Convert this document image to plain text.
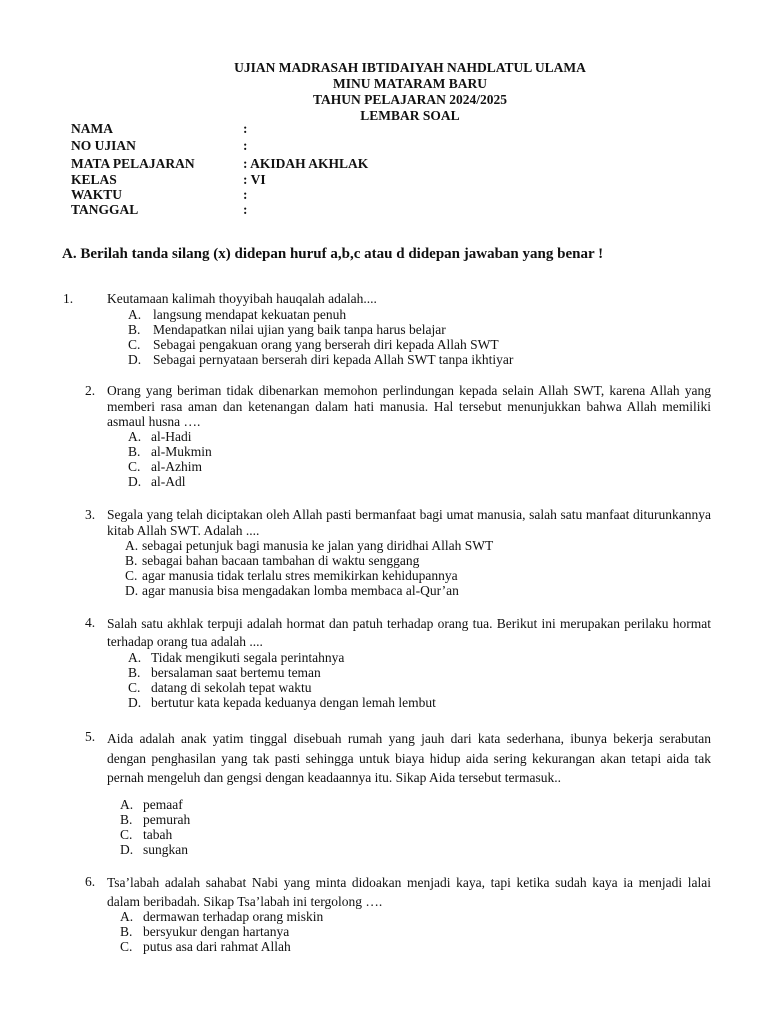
UJIAN MADRASAH IBTIDAIYAH NAHDLATUL ULAMA
MINU MATARAM BARU
TAHUN PELAJARAN 2024/2025
LEMBAR SOAL
NAMA	:
NO UJIAN	:
MATA PELAJARAN	: AKIDAH AKHLAK
KELAS	: VI
WAKTU	:
TANGGAL	:
A. Berilah tanda silang (x) didepan huruf a,b,c atau d didepan jawaban yang benar !
1.	Keutamaan kalimah thoyyibah hauqalah adalah....
A. langsung mendapat kekuatan penuh
B. Mendapatkan nilai ujian yang baik tanpa harus belajar
C. Sebagai pengakuan orang yang berserah diri kepada Allah SWT
D. Sebagai pernyataan berserah diri kepada Allah SWT tanpa ikhtiyar
2. Orang yang beriman tidak dibenarkan memohon perlindungan kepada selain Allah SWT, karena Allah yang memberi rasa aman dan ketenangan dalam hati manusia. Hal tersebut menunjukkan bahwa Allah memiliki asmaul husna ….
A. al-Hadi
B. al-Mukmin
C. al-Azhim
D. al-Adl
3. Segala yang telah diciptakan oleh Allah pasti bermanfaat bagi umat manusia, salah satu manfaat diturunkannya kitab Allah SWT. Adalah ....
A. sebagai petunjuk bagi manusia ke jalan yang diridhai Allah SWT
B. sebagai bahan bacaan tambahan di waktu senggang
C. agar manusia tidak terlalu stres memikirkan kehidupannya
D. agar manusia bisa mengadakan lomba membaca al-Qur’an
4. Salah satu akhlak terpuji adalah hormat dan patuh terhadap orang tua. Berikut ini merupakan perilaku hormat terhadap orang tua adalah ....
A. Tidak mengikuti segala perintahnya
B. bersalaman saat bertemu teman
C. datang di sekolah tepat waktu
D. bertutur kata kepada keduanya dengan lemah lembut
5. Aida adalah anak yatim tinggal disebuah rumah yang jauh dari kata sederhana, ibunya bekerja serabutan dengan penghasilan yang tak pasti sehingga untuk biaya hidup aida sering kekurangan akan tetapi aida tak pernah mengeluh dan gengsi dengan keadaannya itu. Sikap Aida tersebut termasuk..
A. pemaaf
B. pemurah
C. tabah
D. sungkan
6. Tsa’labah adalah sahabat Nabi yang minta didoakan menjadi kaya, tapi ketika sudah kaya ia menjadi lalai dalam beribadah. Sikap Tsa’labah ini tergolong ….
A. dermawan terhadap orang miskin
B. bersyukur dengan hartanya
C. putus asa dari rahmat Allah
